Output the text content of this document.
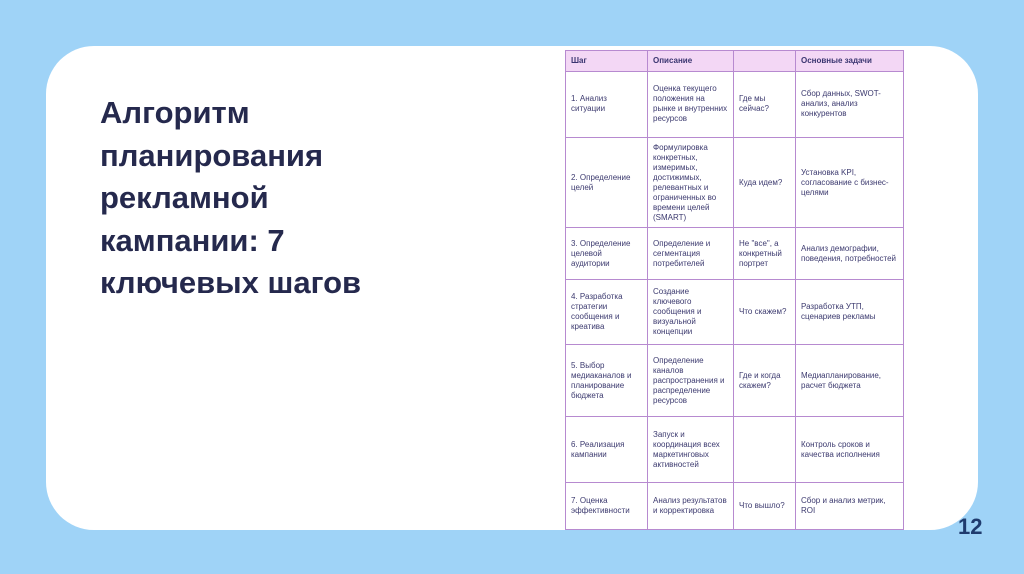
Алгоритм
планирования
рекламной
кампании: 7
ключевых шагов
Шаг	Описание		Основные задачи
1. Анализ ситуации	Оценка текущего положения на рынке и внутренних ресурсов	Где мы сейчас?	Сбор данных, SWOT-анализ, анализ конкурентов
2. Определение целей	Формулировка конкретных, измеримых, достижимых, релевантных и ограниченных во времени целей (SMART)	Куда идем?	Установка KPI, согласование с бизнес-целями
3. Определение целевой аудитории	Определение и сегментация потребителей	Не "все", а конкретный портрет	Анализ демографии, поведения, потребностей
4. Разработка стратегии сообщения и креатива	Создание ключевого сообщения и визуальной концепции	Что скажем?	Разработка УТП, сценариев рекламы
5. Выбор медиаканалов и планирование бюджета	Определение каналов распространения и распределение ресурсов	Где и когда скажем?	Медиапланирование, расчет бюджета
6. Реализация кампании	Запуск и координация всех маркетинговых активностей		Контроль сроков и качества исполнения
7. Оценка эффективности	Анализ результатов и корректировка	Что вышло?	Сбор и анализ метрик, ROI
12
